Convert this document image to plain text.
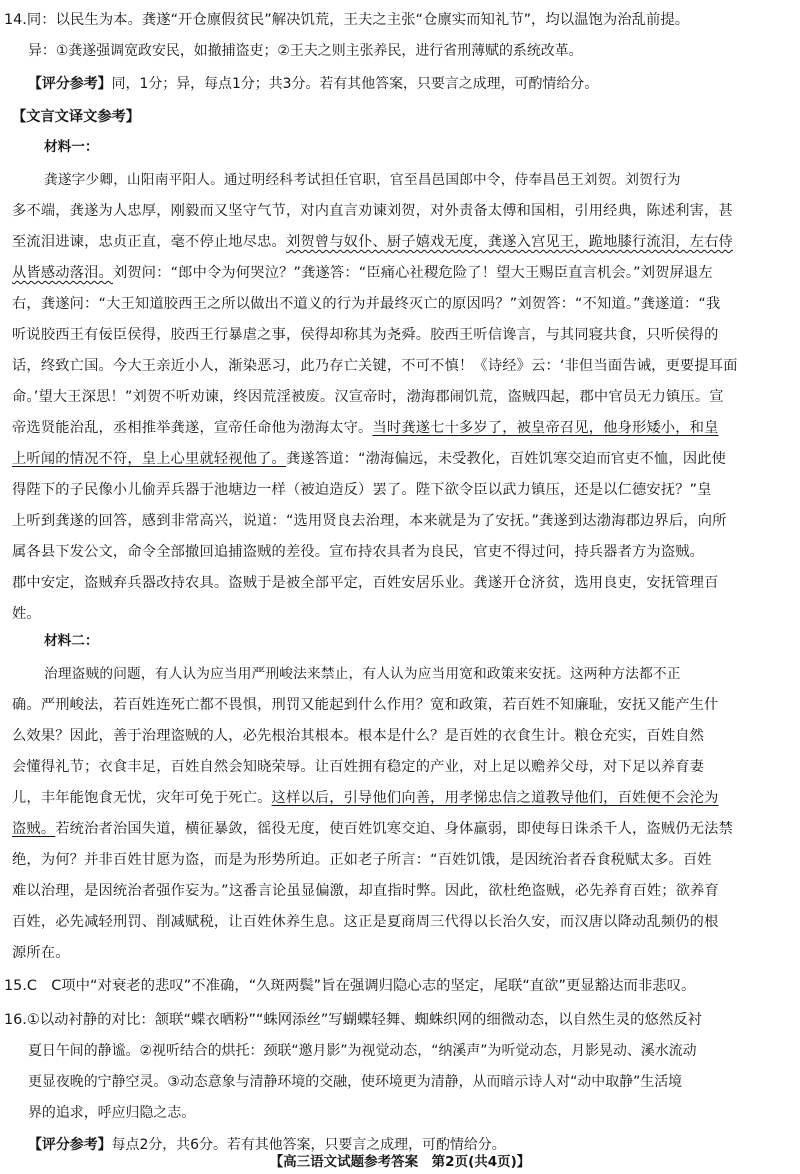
14.同：以民生为本。龚遂“开仓廪假贫民”解决饥荒，王夫之主张“仓廪实而知礼节”，均以温饱为治乱前提。
异：①龚遂强调宽政安民，如撤捕盗吏；②王夫之则主张养民，进行省刑薄赋的系统改革。
【评分参考】同，1分；异，每点1分；共3分。若有其他答案，只要言之成理，可酌情给分。
【文言文译文参考】
材料一：
龚遂字少卿，山阳南平阳人。通过明经科考试担任官职，官至昌邑国郎中令，侍奉昌邑王刘贺。刘贺行为
多不端，龚遂为人忠厚，刚毅而又坚守气节，对内直言劝谏刘贺，对外责备太傅和国相，引用经典，陈述利害，甚
至流泪进谏，忠贞正直，毫不停止地尽忠。刘贺曾与奴仆、厨子嬉戏无度，龚遂入宫见王，跪地膝行流泪，左右侍
从皆感动落泪。刘贺问：“郎中令为何哭泣？”龚遂答：“臣痛心社稷危险了！望大王赐臣直言机会。”刘贺屏退左
右，龚遂问：“大王知道胶西王之所以做出不道义的行为并最终灭亡的原因吗？”刘贺答：“不知道。”龚遂道：“我
听说胶西王有佞臣侯得，胶西王行暴虐之事，侯得却称其为尧舜。胶西王听信谗言，与其同寝共食，只听侯得的
话，终致亡国。今大王亲近小人，渐染恶习，此乃存亡关键，不可不慎！《诗经》云：‘非但当面告诫，更要提耳面
命。’望大王深思！”刘贺不听劝谏，终因荒淫被废。汉宣帝时，渤海郡闹饥荒，盗贼四起，郡中官员无力镇压。宣
帝选贤能治乱，丞相推举龚遂，宣帝任命他为渤海太守。当时龚遂七十多岁了，被皇帝召见，他身形矮小，和皇
上听闻的情况不符，皇上心里就轻视他了。龚遂答道：“渤海偏远，未受教化，百姓饥寒交迫而官吏不恤，因此使
得陛下的子民像小儿偷弄兵器于池塘边一样（被迫造反）罢了。陛下欲令臣以武力镇压，还是以仁德安抚？”皇
上听到龚遂的回答，感到非常高兴，说道：“选用贤良去治理，本来就是为了安抚。”龚遂到达渤海郡边界后，向所
属各县下发公文，命令全部撤回追捕盗贼的差役。宣布持农具者为良民，官吏不得过问，持兵器者方为盗贼。
郡中安定，盗贼弃兵器改持农具。盗贼于是被全部平定，百姓安居乐业。龚遂开仓济贫，选用良吏，安抚管理百
姓。
材料二：
治理盗贼的问题，有人认为应当用严刑峻法来禁止，有人认为应当用宽和政策来安抚。这两种方法都不正
确。严刑峻法，若百姓连死亡都不畏惧，刑罚又能起到什么作用？宽和政策，若百姓不知廉耻，安抚又能产生什
么效果？因此，善于治理盗贼的人，必先根治其根本。根本是什么？是百姓的衣食生计。粮仓充实，百姓自然
会懂得礼节；衣食丰足，百姓自然会知晓荣辱。让百姓拥有稳定的产业，对上足以赡养父母，对下足以养育妻
儿，丰年能饱食无忧，灾年可免于死亡。这样以后，引导他们向善，用孝悌忠信之道教导他们，百姓便不会沦为
盗贼。若统治者治国失道，横征暴敛，徭役无度，使百姓饥寒交迫、身体羸弱，即使每日诛杀千人，盗贼仍无法禁
绝，为何？并非百姓甘愿为盗，而是为形势所迫。正如老子所言：“百姓饥饿，是因统治者吞食税赋太多。百姓
难以治理，是因统治者强作妄为。”这番言论虽显偏激，却直指时弊。因此，欲杜绝盗贼，必先养育百姓；欲养育
百姓，必先减轻刑罚、削减赋税，让百姓休养生息。这正是夏商周三代得以长治久安，而汉唐以降动乱频仍的根
源所在。
15.C　C项中“对衰老的悲叹”不准确，“久斑两鬓”旨在强调归隐心志的坚定，尾联“直欲”更显豁达而非悲叹。
16.①以动衬静的对比：颔联“蝶衣晒粉”“蛛网添丝”写蝴蝶轻舞、蜘蛛织网的细微动态，以自然生灵的悠然反衬
夏日午间的静谧。②视听结合的烘托：颈联“邀月影”为视觉动态，“纳溪声”为听觉动态，月影晃动、溪水流动
更显夜晚的宁静空灵。③动态意象与清静环境的交融，使环境更为清静，从而暗示诗人对“动中取静”生活境
界的追求，呼应归隐之志。
【评分参考】每点2分，共6分。若有其他答案，只要言之成理，可酌情给分。
【高三语文试题参考答案　第2页(共4页)】
